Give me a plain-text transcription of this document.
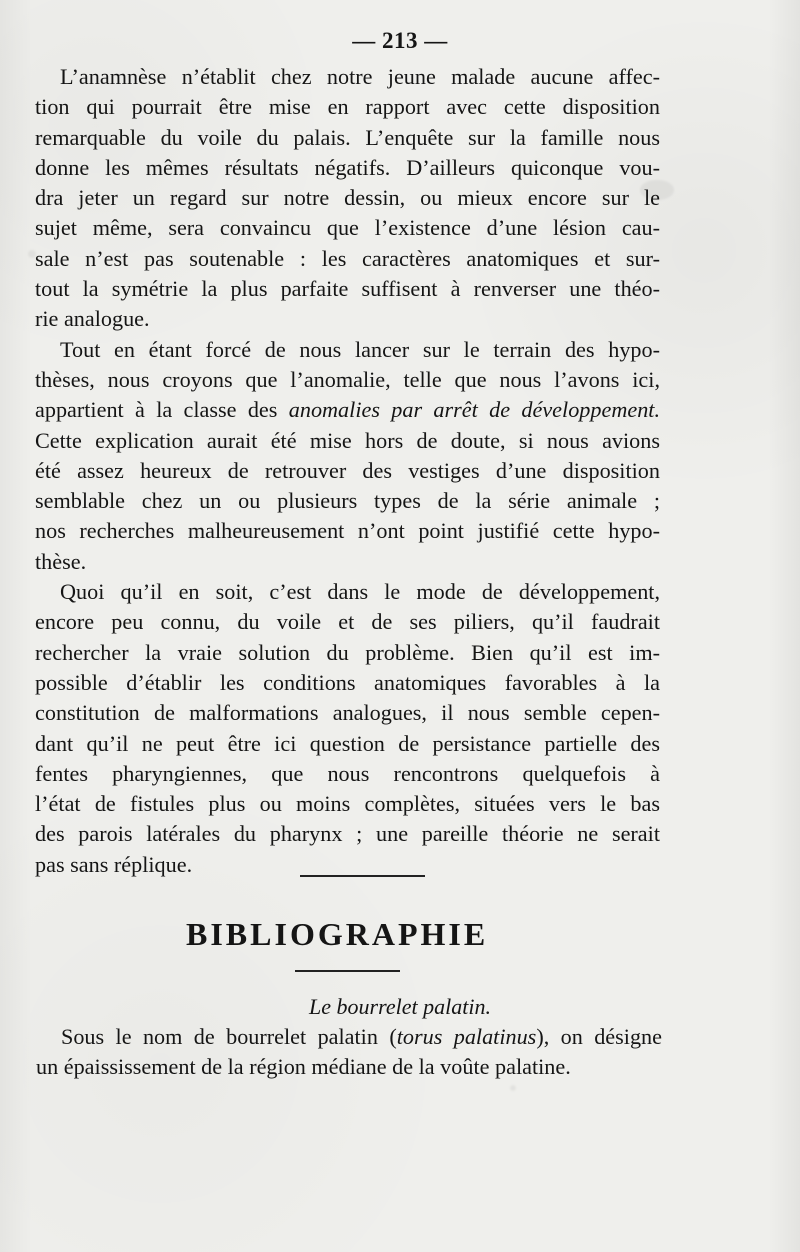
— 213 —
L’anamnèse n’établit chez notre jeune malade aucune affec-
tion qui pourrait être mise en rapport avec cette disposition
remarquable du voile du palais. L’enquête sur la famille nous
donne les mêmes résultats négatifs. D’ailleurs quiconque vou-
dra jeter un regard sur notre dessin, ou mieux encore sur le
sujet même, sera convaincu que l’existence d’une lésion cau-
sale n’est pas soutenable : les caractères anatomiques et sur-
tout la symétrie la plus parfaite suffisent à renverser une théo-
rie analogue.
Tout en étant forcé de nous lancer sur le terrain des hypo-
thèses, nous croyons que l’anomalie, telle que nous l’avons ici,
appartient à la classe des anomalies par arrêt de développement.
Cette explication aurait été mise hors de doute, si nous avions
été assez heureux de retrouver des vestiges d’une disposition
semblable chez un ou plusieurs types de la série animale ;
nos recherches malheureusement n’ont point justifié cette hypo-
thèse.
Quoi qu’il en soit, c’est dans le mode de développement,
encore peu connu, du voile et de ses piliers, qu’il faudrait
rechercher la vraie solution du problème. Bien qu’il est im-
possible d’établir les conditions anatomiques favorables à la
constitution de malformations analogues, il nous semble cepen-
dant qu’il ne peut être ici question de persistance partielle des
fentes pharyngiennes, que nous rencontrons quelquefois à
l’état de fistules plus ou moins complètes, situées vers le bas
des parois latérales du pharynx ; une pareille théorie ne serait
pas sans réplique.
BIBLIOGRAPHIE
Le bourrelet palatin.
Sous le nom de bourrelet palatin (torus palatinus), on désigne
un épaississement de la région médiane de la voûte palatine.
